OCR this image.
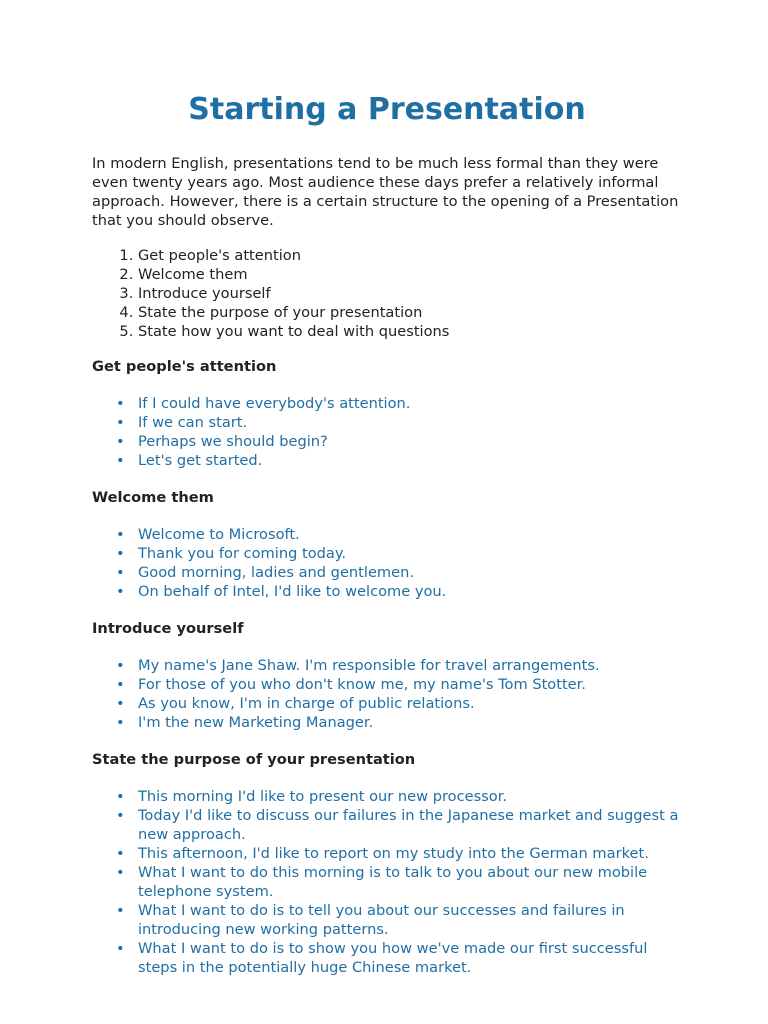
Starting a Presentation

In modern English, presentations tend to be much less formal than they were even twenty years ago. Most audience these days prefer a relatively informal approach. However, there is a certain structure to the opening of a Presentation that you should observe.

1. Get people's attention
2. Welcome them
3. Introduce yourself
4. State the purpose of your presentation
5. State how you want to deal with questions
Get people's attention
• If I could have everybody's attention.
• If we can start.
• Perhaps we should begin?
• Let's get started.
Welcome them
• Welcome to Microsoft.
• Thank you for coming today.
• Good morning, ladies and gentlemen.
• On behalf of Intel, I'd like to welcome you.
Introduce yourself
• My name's Jane Shaw. I'm responsible for travel arrangements.
• For those of you who don't know me, my name's Tom Stotter.
• As you know, I'm in charge of public relations.
• I'm the new Marketing Manager.
State the purpose of your presentation
• This morning I'd like to present our new processor.
• Today I'd like to discuss our failures in the Japanese market and suggest a new approach.
• This afternoon, I'd like to report on my study into the German market.
• What I want to do this morning is to talk to you about our new mobile telephone system.
• What I want to do is to tell you about our successes and failures in introducing new working patterns.
• What I want to do is to show you how we've made our first successful steps in the potentially huge Chinese market.
